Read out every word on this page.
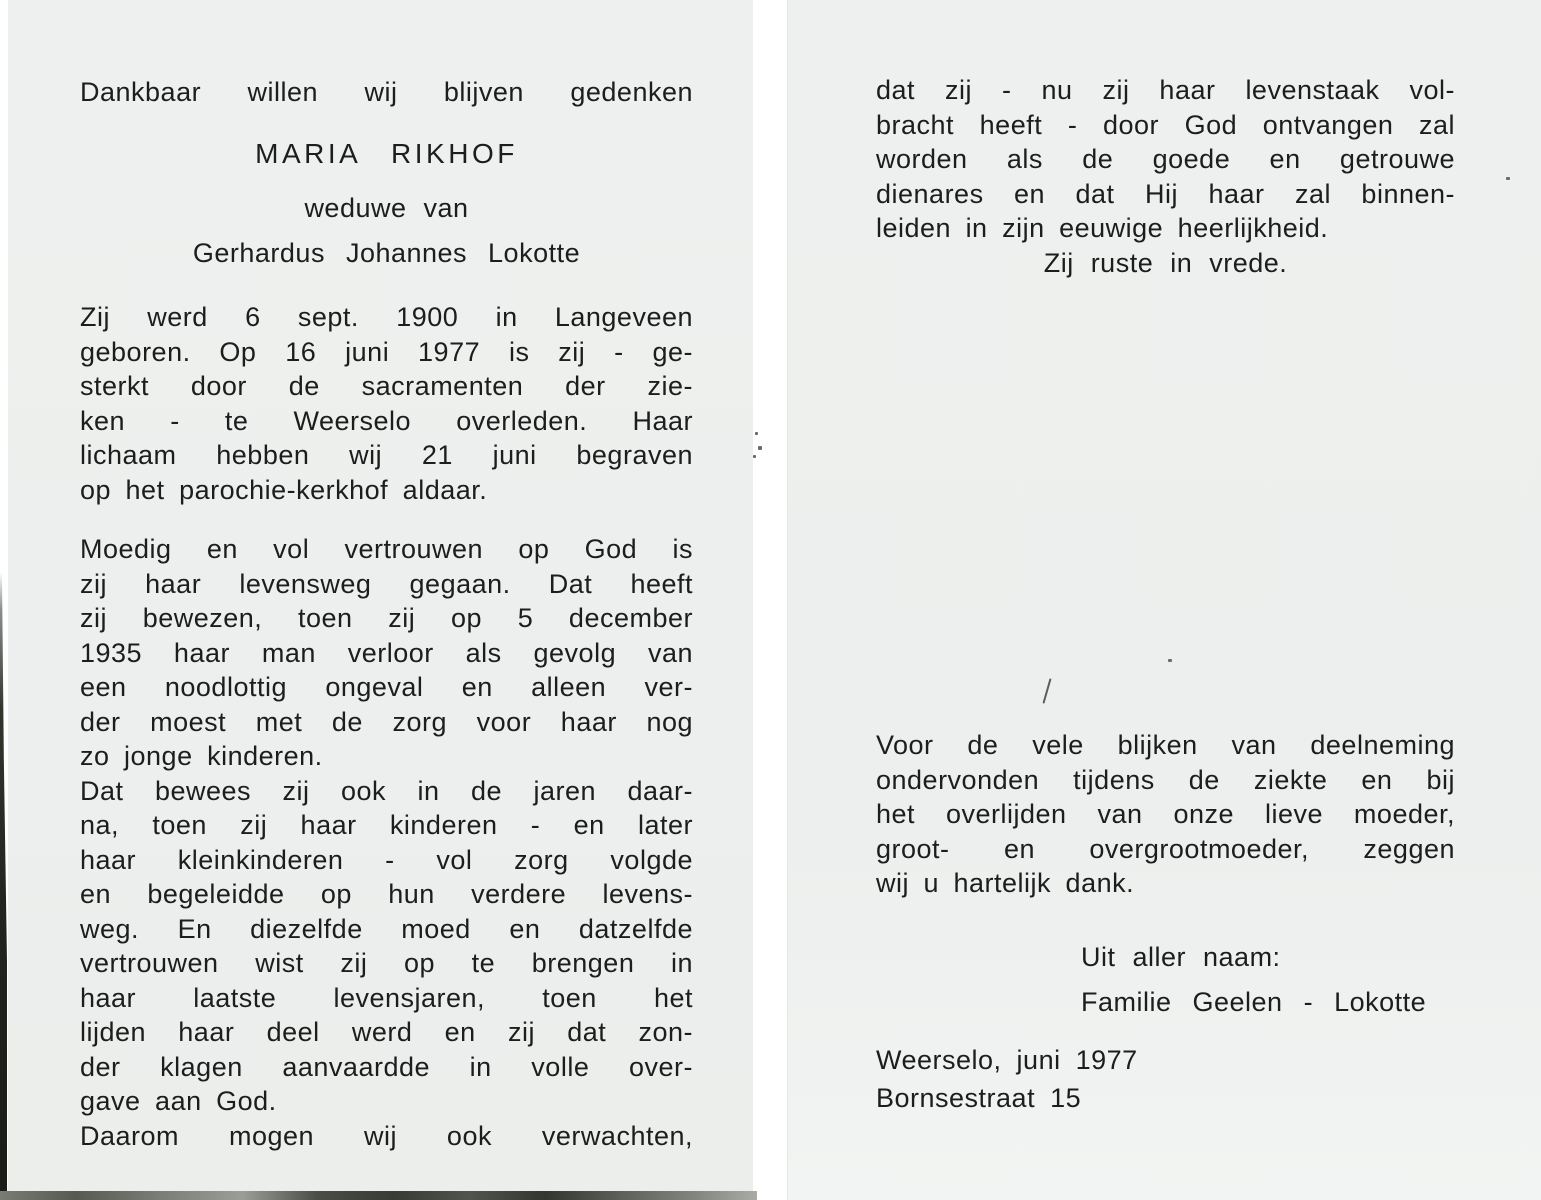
Dankbaar willen wij blijven gedenken
MARIA RIKHOF
weduwe van
Gerhardus Johannes Lokotte
Zij werd 6 sept. 1900 in Langeveen
geboren. Op 16 juni 1977 is zij - ge-
sterkt door de sacramenten der zie-
ken - te Weerselo overleden. Haar
lichaam hebben wij 21 juni begraven
op het parochie-kerkhof aldaar.
Moedig en vol vertrouwen op God is
zij haar levensweg gegaan. Dat heeft
zij bewezen, toen zij op 5 december
1935 haar man verloor als gevolg van
een noodlottig ongeval en alleen ver-
der moest met de zorg voor haar nog
zo jonge kinderen.
Dat bewees zij ook in de jaren daar-
na, toen zij haar kinderen - en later
haar kleinkinderen - vol zorg volgde
en begeleidde op hun verdere levens-
weg. En diezelfde moed en datzelfde
vertrouwen wist zij op te brengen in
haar laatste levensjaren, toen het
lijden haar deel werd en zij dat zon-
der klagen aanvaardde in volle over-
gave aan God.
Daarom mogen wij ook verwachten,
dat zij - nu zij haar levenstaak vol-
bracht heeft - door God ontvangen zal
worden als de goede en getrouwe
dienares en dat Hij haar zal binnen-
leiden in zijn eeuwige heerlijkheid.
Zij ruste in vrede.
Voor de vele blijken van deelneming
ondervonden tijdens de ziekte en bij
het overlijden van onze lieve moeder,
groot- en overgrootmoeder, zeggen
wij u hartelijk dank.
Uit aller naam:
Familie Geelen - Lokotte
Weerselo, juni 1977
Bornsestraat 15
